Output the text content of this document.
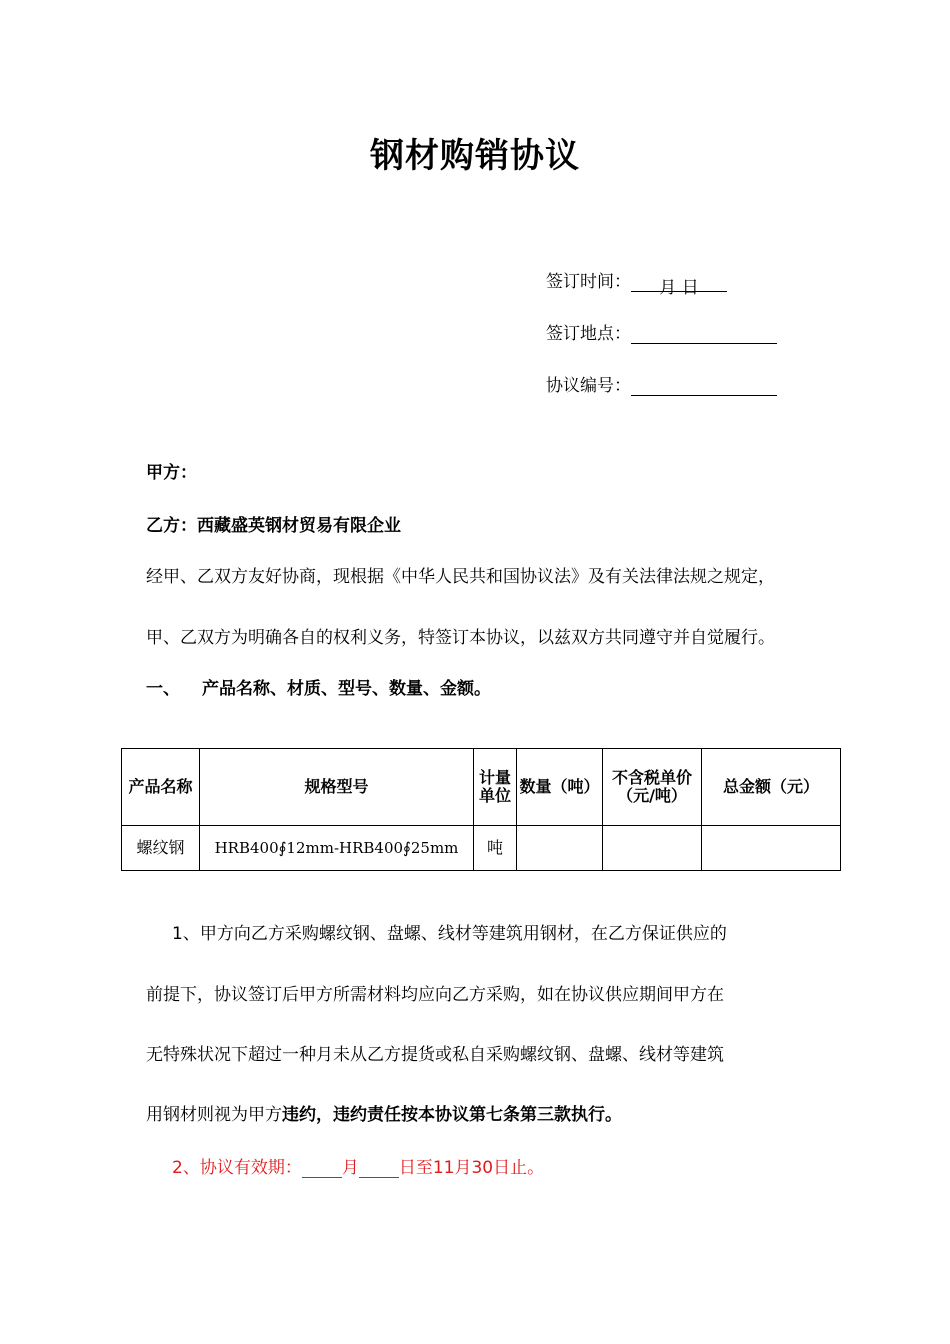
钢材购销协议
签订时间： 月 日
签订地点：
协议编号：
甲方：
乙方：西藏盛英钢材贸易有限企业
经甲、乙双方友好协商，现根据《中华人民共和国协议法》及有关法律法规之规定，
甲、乙双方为明确各自的权利义务，特签订本协议，以兹双方共同遵守并自觉履行。
一、 产品名称、材质、型号、数量、金额。
产品名称	规格型号	计量单位	数量（吨）	不含税单价（元/吨）	总金额（元）
螺纹钢	HRB400∮12mm-HRB400∮25mm	吨			
1、甲方向乙方采购螺纹钢、盘螺、线材等建筑用钢材，在乙方保证供应的
前提下，协议签订后甲方所需材料均应向乙方采购，如在协议供应期间甲方在
无特殊状况下超过一种月未从乙方提货或私自采购螺纹钢、盘螺、线材等建筑
用钢材则视为甲方违约，违约责任按本协议第七条第三款执行。
2、协议有效期： 月 日至11月30日止。
